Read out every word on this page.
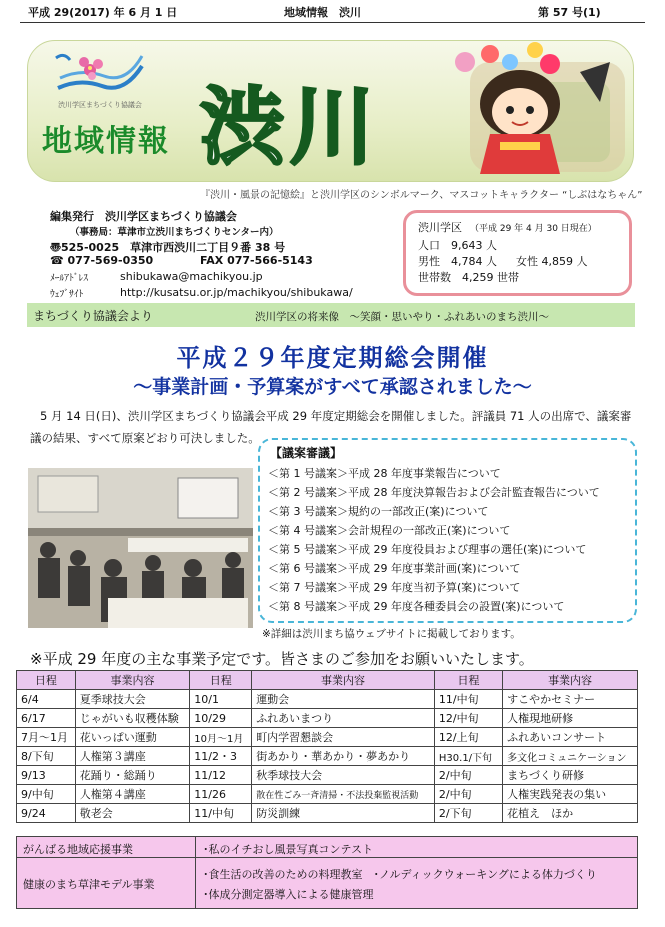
平成 29(2017) 年 6 月 1 日	地域情報　渋川	第 57 号(1)
渋川学区まちづくり協議会
地域情報 渋川
『渋川・風景の記憶絵』と渋川学区のシンボルマーク、マスコットキャラクター “しぶはなちゃん”
編集発行　渋川学区まちづくり協議会
（事務局：草津市立渋川まちづくりセンター内）
〠525-0025　草津市西渋川二丁目９番 38 号
☎ 077-569-0350	FAX 077-566-5143
ﾒｰﾙｱﾄﾞﾚｽ	shibukawa@machikyou.jp
ｳｪﾌﾞｻｲﾄ	http://kusatsu.or.jp/machikyou/shibukawa/
渋川学区 （平成 29 年 4 月 30 日現在）
人口　9,643 人
男性　4,784 人 女性 4,859 人
世帯数　4,259 世帯
まちづくり協議会より	渋川学区の将来像　～笑顔・思いやり・ふれあいのまち渋川～
平成２９年度定期総会開催
～事業計画・予算案がすべて承認されました～
5 月 14 日(日)、渋川学区まちづくり協議会平成 29 年度定期総会を開催しました。評議員 71 人の出席で、議案審
議の結果、すべて原案どおり可決しました。
【議案審議】
＜第 1 号議案＞平成 28 年度事業報告について
＜第 2 号議案＞平成 28 年度決算報告および会計監査報告について
＜第 3 号議案＞規約の一部改正(案)について
＜第 4 号議案＞会計規程の一部改正(案)について
＜第 5 号議案＞平成 29 年度役員および理事の選任(案)について
＜第 6 号議案＞平成 29 年度事業計画(案)について
＜第 7 号議案＞平成 29 年度当初予算(案)について
＜第 8 号議案＞平成 29 年度各種委員会の設置(案)について
※詳細は渋川まち協ウェブサイトに掲載しております。
※平成 29 年度の主な事業予定です。皆さまのご参加をお願いいたします。
日程	事業内容	日程	事業内容	日程	事業内容
6/4	夏季球技大会	10/1	運動会	11/中旬	すこやかセミナー
6/17	じゃがいも収穫体験	10/29	ふれあいまつり	12/中旬	人権現地研修
7月～1月	花いっぱい運動	10月～1月	町内学習懇談会	12/上旬	ふれあいコンサート
8/下旬	人権第３講座	11/2・3	街あかり・華あかり・夢あかり	H30.1/下旬	多文化コミュニケーション
9/13	花踊り・総踊り	11/12	秋季球技大会	2/中旬	まちづくり研修
9/中旬	人権第４講座	11/26	散在性ごみ一斉清掃・不法投棄監視活動	2/中旬	人権実践発表の集い
9/24	敬老会	11/中旬	防災訓練	2/下旬	花植え　ほか
がんばる地域応援事業	･私のイチおし風景写真コンテスト
健康のまち草津モデル事業
･食生活の改善のための料理教室　･ノルディックウォーキングによる体力づくり
･体成分測定器導入による健康管理
